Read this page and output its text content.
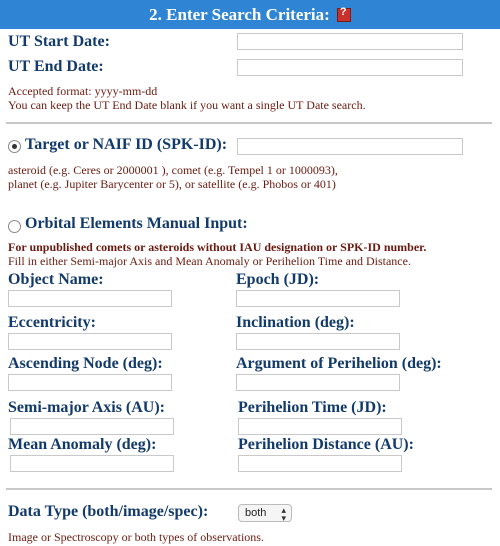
2. Enter Search Criteria:
?
UT Start Date:
UT End Date:
Accepted format: yyyy-mm-dd
You can keep the UT End Date blank if you want a single UT Date search.
Target or NAIF ID (SPK-ID):
asteroid (e.g. Ceres or 2000001 ), comet (e.g. Tempel 1 or 1000093),
planet (e.g. Jupiter Barycenter or 5), or satellite (e.g. Phobos or 401)
Orbital Elements Manual Input:
For unpublished comets or asteroids without IAU designation or SPK-ID number.
Fill in either Semi-major Axis and Mean Anomaly or Perihelion Time and Distance.
Object Name:	Epoch (JD):
Eccentricity:	Inclination (deg):
Ascending Node (deg):	Argument of Perihelion (deg):
Semi-major Axis (AU):	Perihelion Time (JD):
Mean Anomaly (deg):	Perihelion Distance (AU):
Data Type (both/image/spec):	both ▴
▾
Image or Spectroscopy or both types of observations.
